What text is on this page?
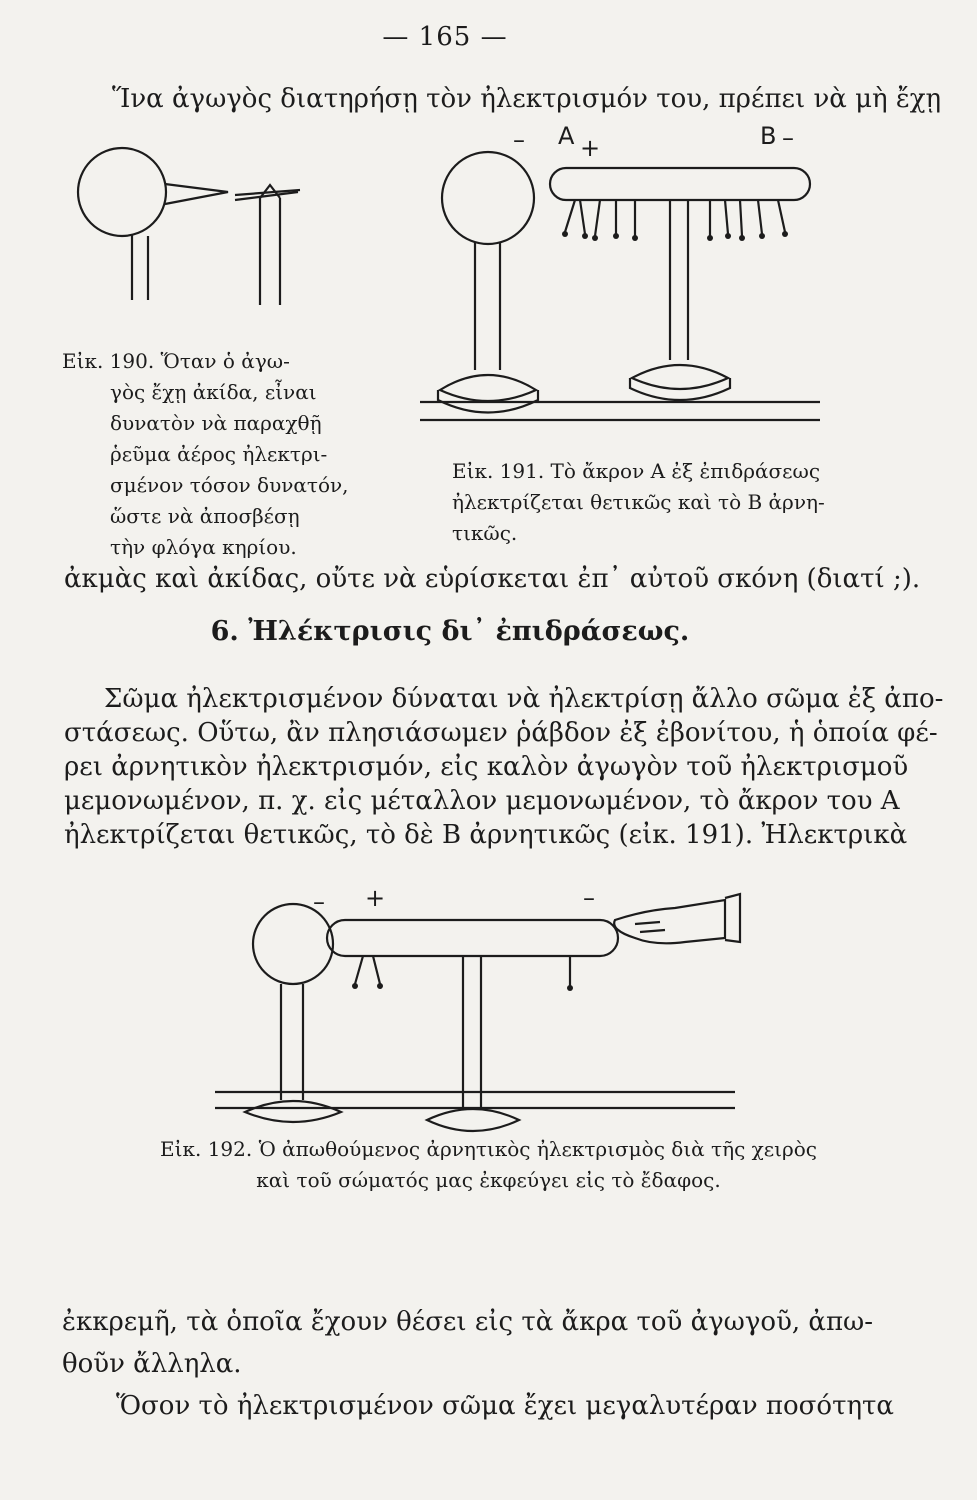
— 165 —
Ἵνα ἀγωγὸς διατηρήσῃ τὸν ἠλεκτρισμόν του, πρέπει νὰ μὴ ἔχῃ
Εἰκ. 190. Ὅταν ὁ ἀγω-
γὸς ἔχῃ ἀκίδα, εἶναι
δυνατὸν νὰ παραχθῇ
ῥεῦμα ἀέρος ἠλεκτρι-
σμένον τόσον δυνατόν,
ὥστε νὰ ἀποσβέσῃ
τὴν φλόγα κηρίου.
– A +	B –
Εἰκ. 191. Τὸ ἄκρον A ἐξ ἐπιδράσεως
ἠλεκτρίζεται θετικῶς καὶ τὸ B ἀρνη-
τικῶς.
ἀκμὰς καὶ ἀκίδας, οὔτε νὰ εὑρίσκεται ἐπ᾽ αὐτοῦ σκόνη (διατί ;).
6. Ἠλέκτρισις δι᾽ ἐπιδράσεως.
Σῶμα ἠλεκτρισμένον δύναται νὰ ἠλεκτρίσῃ ἄλλο σῶμα ἐξ ἀπο-
στάσεως. Οὕτω, ἂν πλησιάσωμεν ῥάβδον ἐξ ἐβονίτου, ἡ ὁποία φέ-
ρει ἀρνητικὸν ἠλεκτρισμόν, εἰς καλὸν ἀγωγὸν τοῦ ἠλεκτρισμοῦ
μεμονωμένον, π. χ. εἰς μέταλλον μεμονωμένον, τὸ ἄκρον του A
ἠλεκτρίζεται θετικῶς, τὸ δὲ B ἀρνητικῶς (εἰκ. 191). Ἠλεκτρικὰ
– +	–
Εἰκ. 192. Ὁ ἀπωθούμενος ἀρνητικὸς ἠλεκτρισμὸς διὰ τῆς χειρὸς
καὶ τοῦ σώματός μας ἐκφεύγει εἰς τὸ ἔδαφος.
ἐκκρεμῆ, τὰ ὁποῖα ἔχουν θέσει εἰς τὰ ἄκρα τοῦ ἀγωγοῦ, ἀπω-
θοῦν ἄλληλα.
Ὅσον τὸ ἠλεκτρισμένον σῶμα ἔχει μεγαλυτέραν ποσότητα
